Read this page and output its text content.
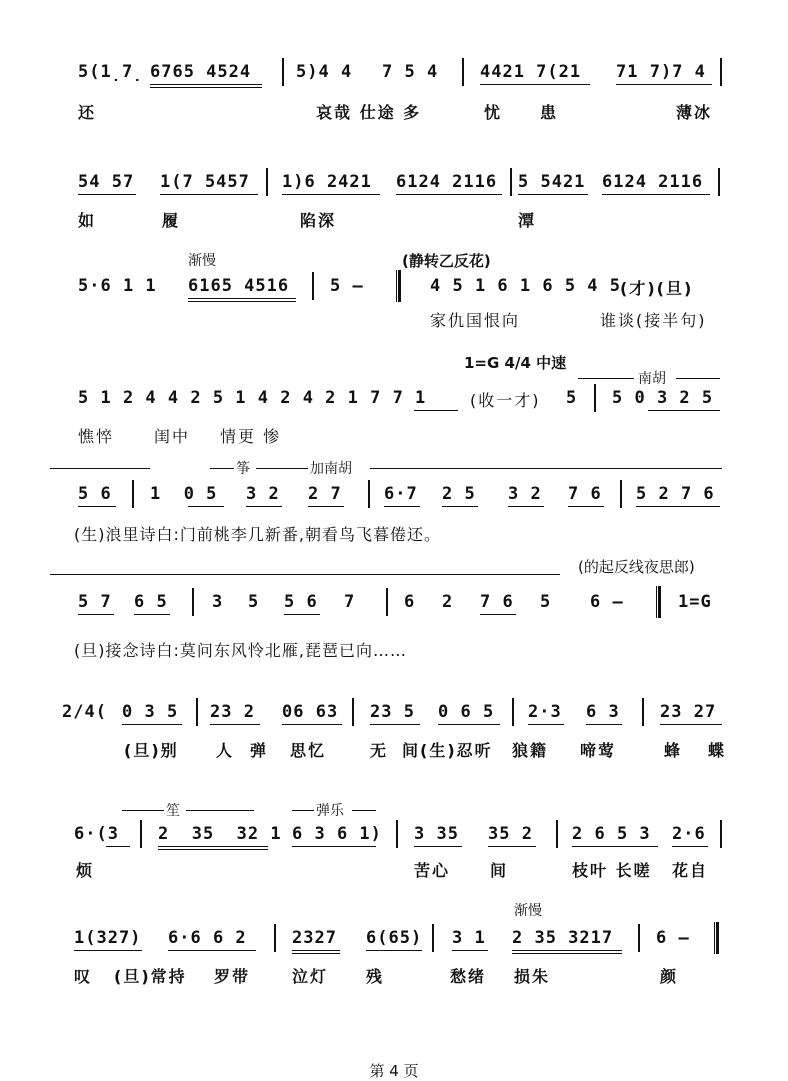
5(1̣7̣ 6765 4524	5)4 4 7 5 4 4421 7(21 71 7)7 4
还	哀哉 仕途 多	忧 患	薄冰
54 57 1(7 5457 1)6 2421 6124 2116 5 5421 6124 2116
如	履	陷深	潭
渐慢	(静转乙反花)
5·6 1 1 6165 4516 5 –	4 5 1 6 1 6 5 4 5 (才)(旦)
家仇国恨向	谁谈(接半句)
1=G 4/4 中速
南胡
5 1 2 4 4 2 5 1 4 2 4 2 1 7 7 1	(收一才) 5 5 0 3 2 5
憔悴 闺中 情更 惨
筝	加南胡
5 6 1  0 5 3 2 2 7 6·7 2 5 3 2 7 6 5 2 7 6
(生)浪里诗白:门前桃李几新番,朝看鸟飞暮倦还。
(的起反线夜思郎)
5 7 6 5	3 5 5 6 7	6 2 7 6 5 6 –	1=G
(旦)接念诗白:莫问东风怜北雁,琵琶已向……
2/4( 0 3 5 23 2 06 63 23 5 0 6 5 2·3 6 3 23 27
(旦)别 人 弹 思忆	无 间(生)忍听 狼籍 啼莺	蜂 蝶
笙	弹乐
6·(3 2  35  32 1 6 3 6 1) 3 35 35 2 2 6 5 3 2·6
烦	苦心 间	枝叶 长嗟 花自
渐慢
1(327) 6·6 6 2	2327 6(65) 3 1 2 35 3217	6 –
叹 (旦)常持 罗带	泣灯 残	愁绪 损朱	颜
第 4 页
